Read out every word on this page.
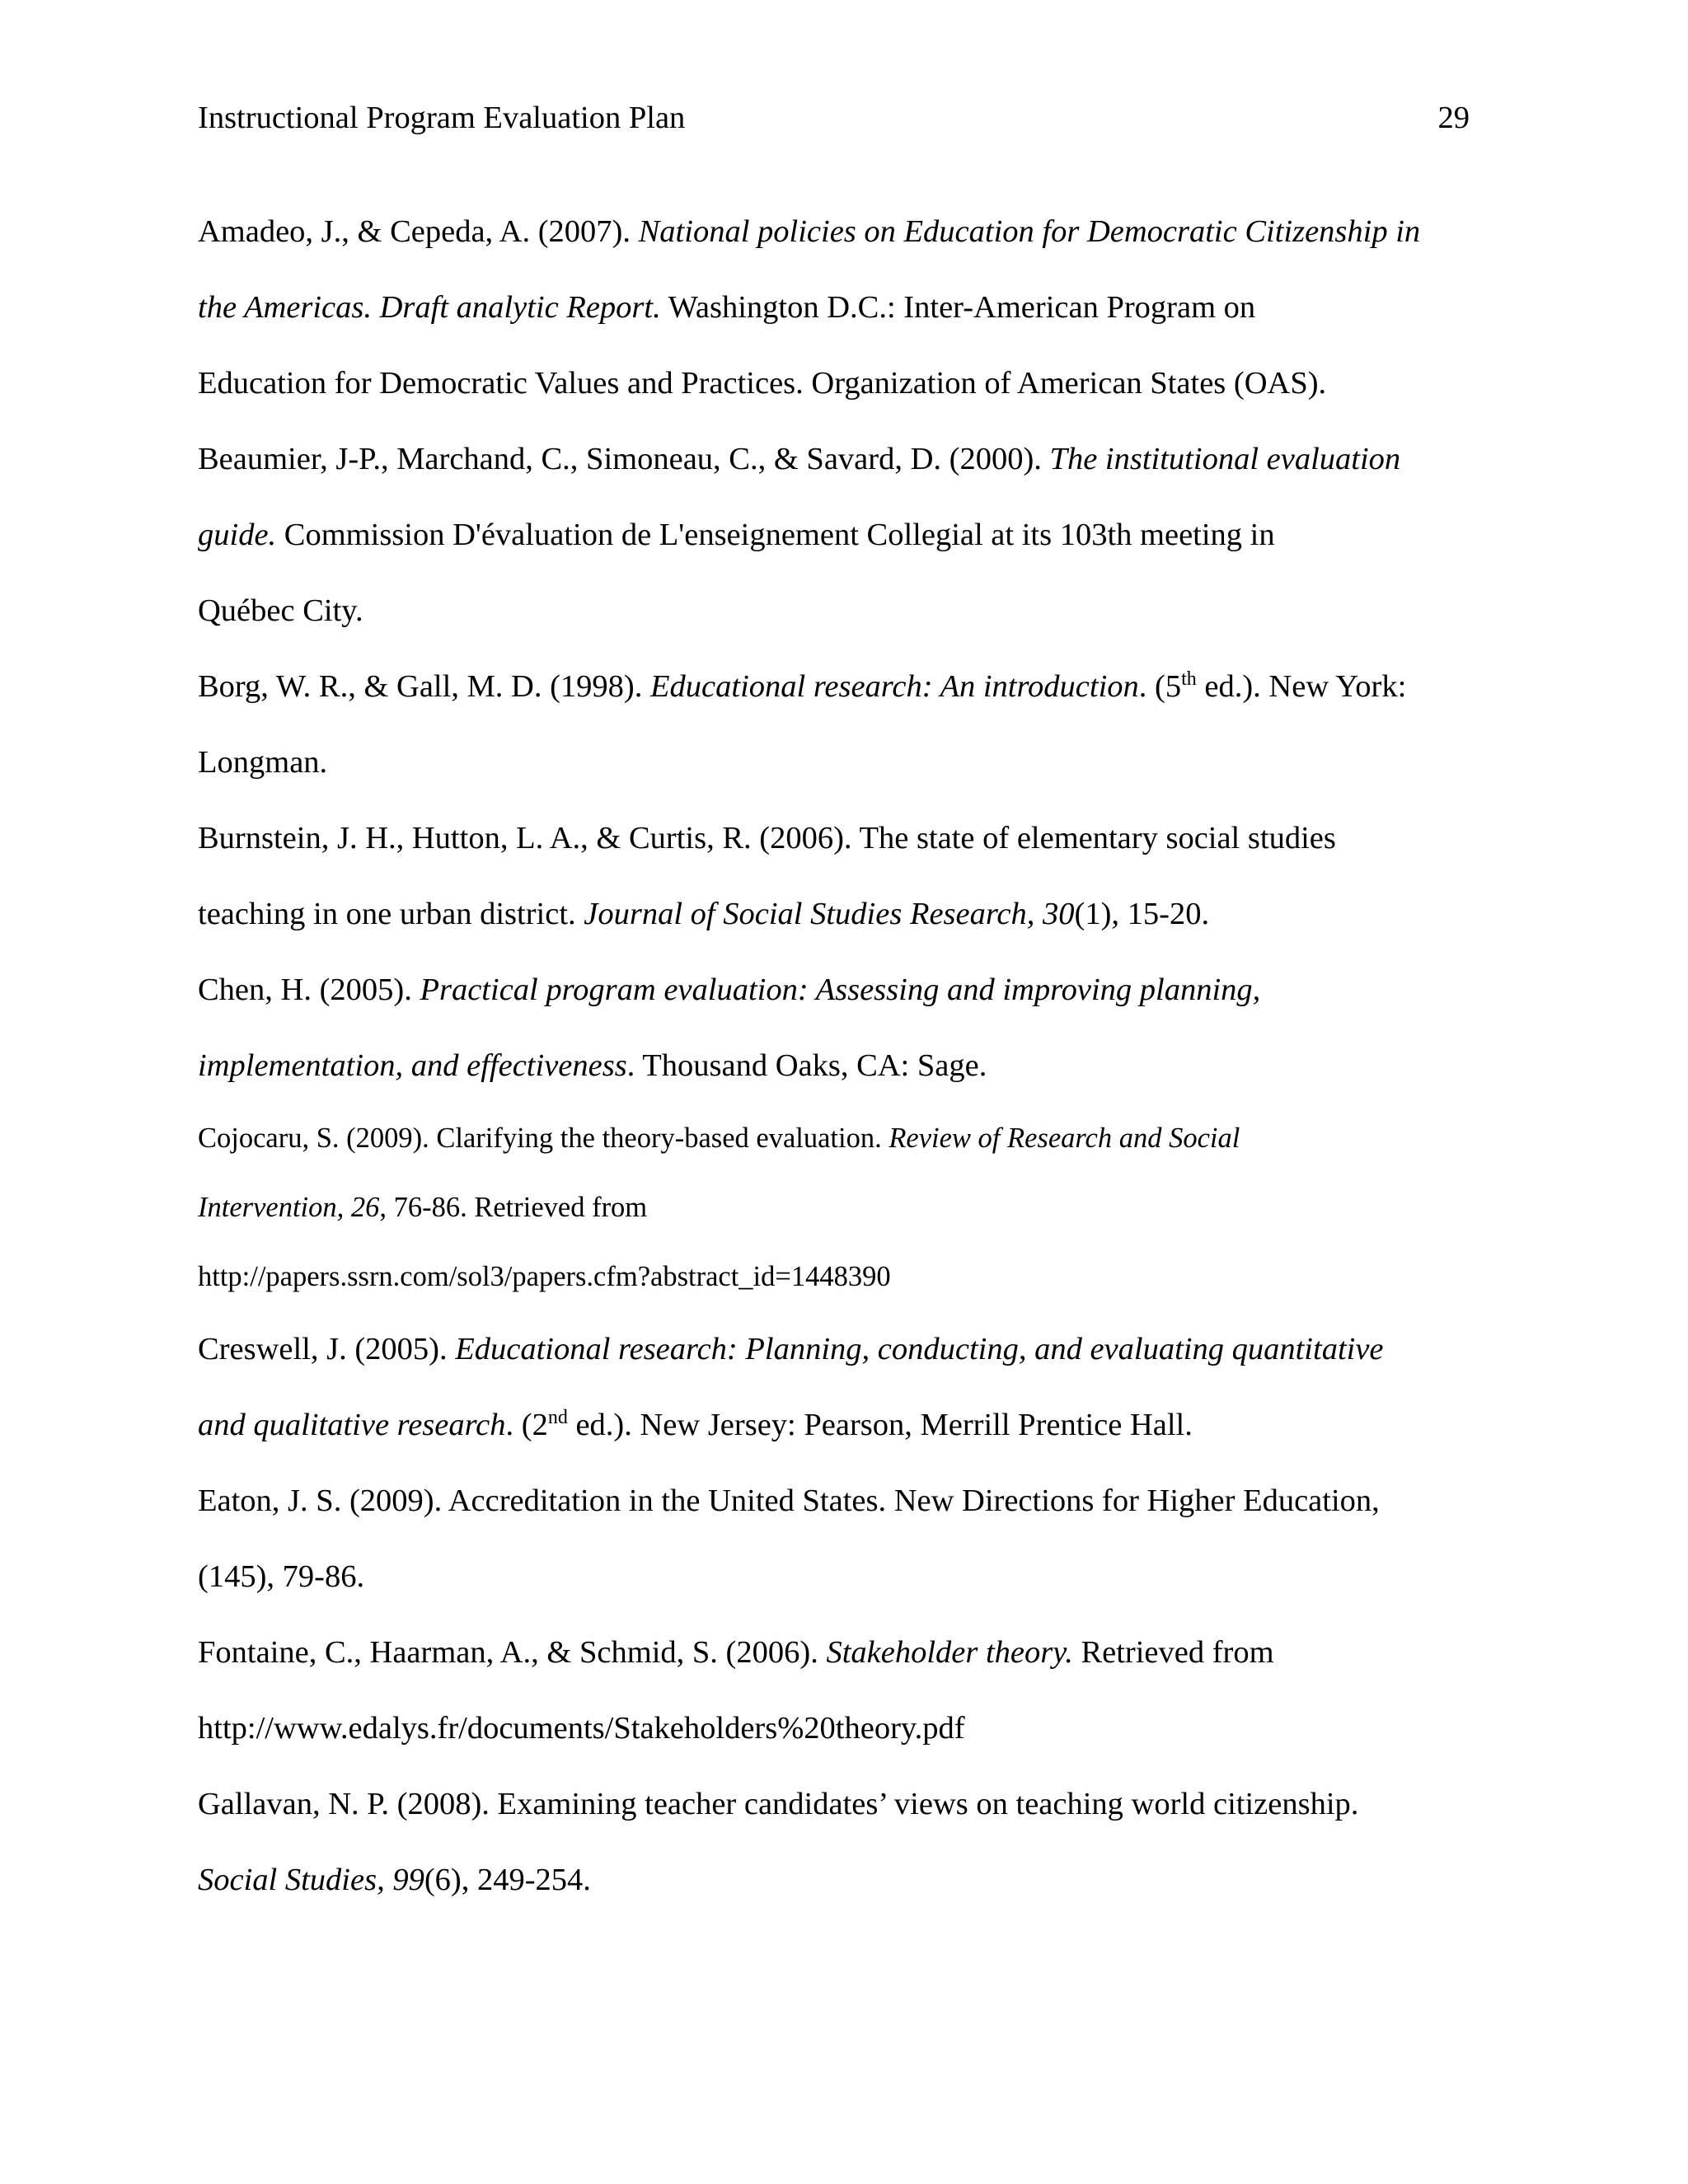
Instructional Program Evaluation Plan	29

Amadeo, J., & Cepeda, A. (2007). National policies on Education for Democratic Citizenship in
the Americas. Draft analytic Report. Washington D.C.: Inter-American Program on
Education for Democratic Values and Practices. Organization of American States (OAS).

Beaumier, J-P., Marchand, C., Simoneau, C., & Savard, D. (2000). The institutional evaluation
guide. Commission D'évaluation de L'enseignement Collegial at its 103th meeting in
Québec City.

Borg, W. R., & Gall, M. D. (1998). Educational research: An introduction. (5th ed.). New York:
Longman.

Burnstein, J. H., Hutton, L. A., & Curtis, R. (2006). The state of elementary social studies
teaching in one urban district. Journal of Social Studies Research, 30(1), 15-20.

Chen, H. (2005). Practical program evaluation: Assessing and improving planning,
implementation, and effectiveness. Thousand Oaks, CA: Sage.

Cojocaru, S. (2009). Clarifying the theory-based evaluation. Review of Research and Social
Intervention, 26, 76-86. Retrieved from
http://papers.ssrn.com/sol3/papers.cfm?abstract_id=1448390

Creswell, J. (2005). Educational research: Planning, conducting, and evaluating quantitative
and qualitative research. (2nd ed.). New Jersey: Pearson, Merrill Prentice Hall.

Eaton, J. S. (2009). Accreditation in the United States. New Directions for Higher Education,
(145), 79-86.

Fontaine, C., Haarman, A., & Schmid, S. (2006). Stakeholder theory. Retrieved from
http://www.edalys.fr/documents/Stakeholders%20theory.pdf

Gallavan, N. P. (2008). Examining teacher candidates’ views on teaching world citizenship.
Social Studies, 99(6), 249-254.
